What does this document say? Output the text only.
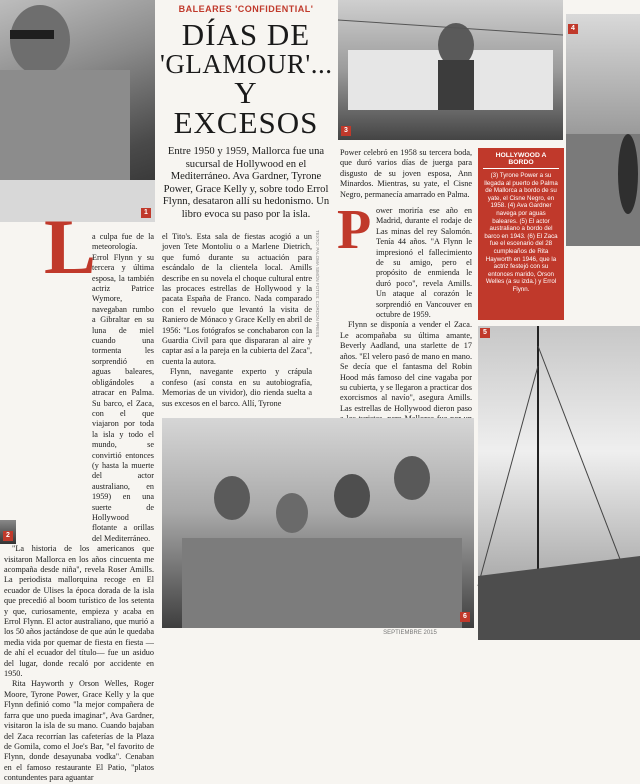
1
BALEARES 'CONFIDENTIAL'
DÍAS DE
'GLAMOUR'...
Y EXCESOS
Entre 1950 y 1959, Mallorca fue una sucursal de Hollywood en el Mediterráneo. Ava Gardner, Tyrone Power, Grace Kelly y, sobre todo Errol Flynn, desataron allí su hedonismo. Un libro evoca su paso por la isla.
3
4
HOLLYWOOD A BORDO
(3) Tyrone Power a su llegada al puerto de Palma de Mallorca a bordo de su yate, el Cisne Negro, en 1958. (4) Ava Gardner navega por aguas baleares. (5) El actor australiano a bordo del barco en 1943. (6) El Zaca fue el escenario del 28 cumpleaños de Rita Hayworth en 1946, que la actriz festejó con su entonces marido, Orson Welles (a su izda.) y Errol Flynn.

Power celebró en 1958 su tercera boda, que duró varios días de juerga para disgusto de su joven esposa, Ann Minardos. Mientras, su yate, el Cisne Negro, permanecía amarrado en Palma.

L

a culpa fue de la meteorología. Errol Flynn y su tercera y última esposa, la también actriz Patrice Wymore, navegaban rumbo a Gibraltar en su luna de miel cuando una tormenta les sorprendió en aguas baleares, obligándoles a atracar en Palma. Su barco, el Zaca, con el que viajaron por toda la isla y todo el mundo, se convirtió entonces (y hasta la muerte del actor australiano, en 1959) en una suerte de Hollywood flotante a orillas del Mediterráneo.

"La historia de los americanos que visitaron Mallorca en los años cincuenta me acompaña desde niña", revela Roser Amills. La periodista mallorquina recoge en El ecuador de Ulises la época dorada de la isla que precedió al boom turístico de los setenta y que, curiosamente, empieza y acaba en Errol Flynn. El actor australiano, que murió a los 50 años jactándose de que aún le quedaba media vida por quemar de fiesta en fiesta —de ahí el ecuador del título— fue un asiduo del lugar, donde recaló por accidente en 1950.

Rita Hayworth y Orson Welles, Roger Moore, Tyrone Power, Grace Kelly y la que Flynn definió como "la mejor compañera de farra que uno pueda imaginar", Ava Gardner, visitaron la isla de su mano. Cuando bajaban del Zaca recorrían las cafeterías de la Plaza de Gomila, como el Joe's Bar, "el favorito de Flynn, donde desayunaba vodka". Cenaban en el famoso restaurante El Patio, "platos contundentes para aguantar

2

el Tito's. Esta sala de fiestas acogió a un joven Tete Montoliu o a Marlene Dietrich, que fumó durante su actuación para escándalo de la clientela local. Amills describe en su novela el choque cultural entre las procaces estrellas de Hollywood y la pacata España de Franco. Nada comparado con el revuelo que levantó la visita de Raniero de Mónaco y Grace Kelly en abril de 1956: "Los fotógrafos se conchabaron con la Guardia Civil para que dispararan al aire y captar así a la pareja en la cubierta del Zaca", cuenta la autora.

Flynn, navegante experto y crápula confeso (así consta en su autobiografía, Memorias de un vividor), dio rienda suelta a sus excesos en el barco. Allí, Tyrone

TEXTO: PALOMA SIMÓN FOTOS: CORDON PRESS P ower moriría ese año en Madrid, durante el rodaje de Las minas del rey Salomón. Tenía 44 años. "A Flynn le impresionó el fallecimiento de su amigo, pero el propósito de enmienda le duró poco", revela Amills. Un ataque al corazón le sorprendió en Vancouver en octubre de 1959.

Flynn se disponía a vender el Zaca. Le acompañaba su última amante, Beverly Aadland, una starlette de 17 años. "El velero pasó de mano en mano. Se decía que el fantasma del Robin Hood más famoso del cine vagaba por su cubierta, y se llegaron a practicar dos exorcismos al navío", asegura Amills. Las estrellas de Hollywood dieron paso

5
6
SEPTIEMBRE 2015
